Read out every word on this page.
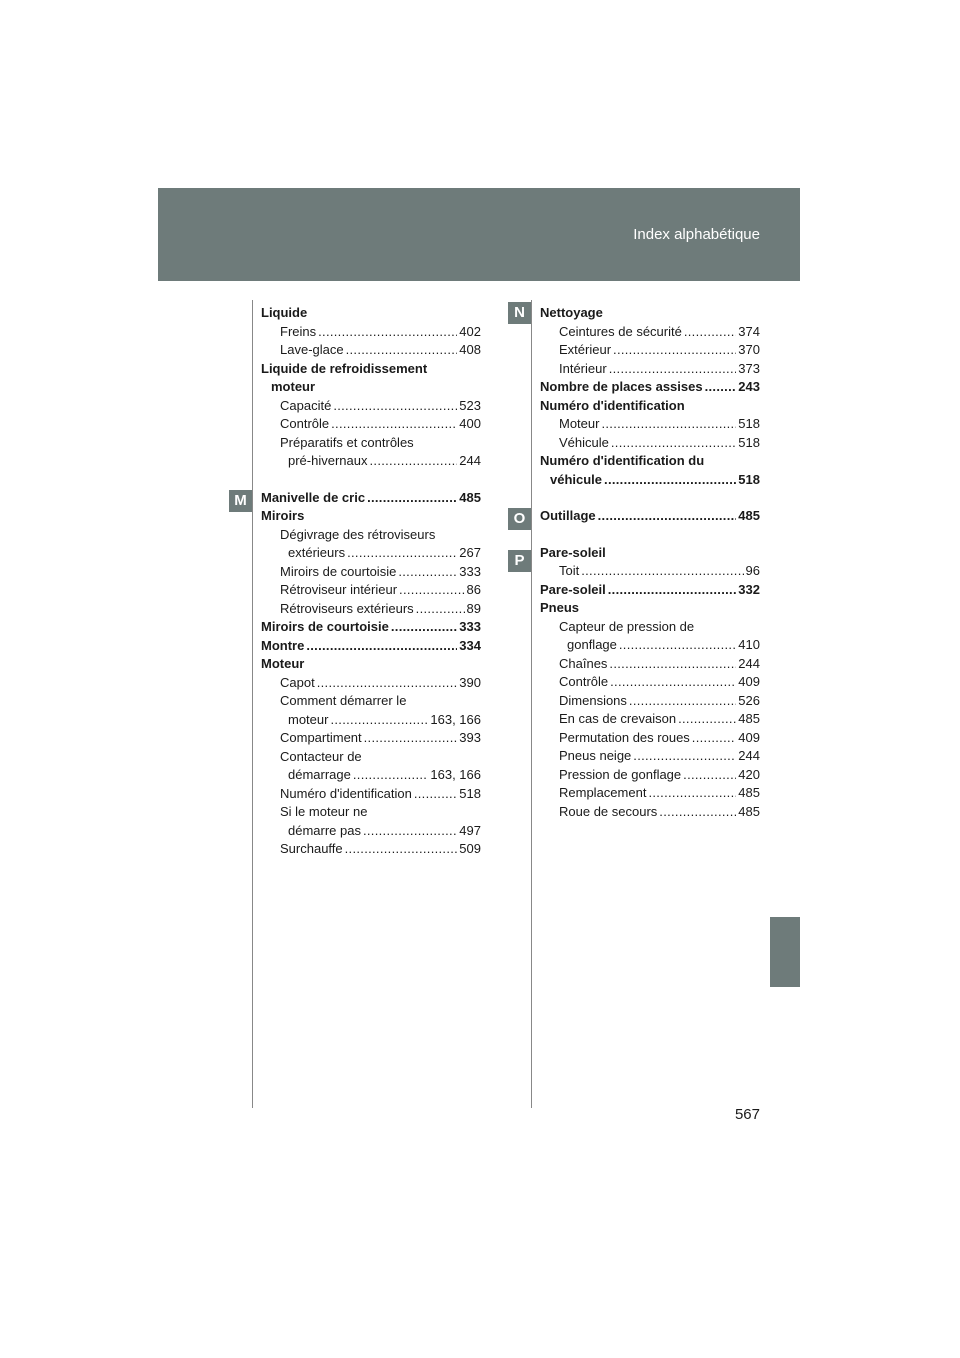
Index alphabétique
M
N
O
P
Liquide
Freins .....	402
Lave-glace .....	408
Liquide de refroidissement
moteur
Capacité .....	523
Contrôle .....	400
Préparatifs et contrôles
pré-hivernaux .....	244
Manivelle de cric .....	485
Miroirs
Dégivrage des rétroviseurs
extérieurs .....	267
Miroirs de courtoisie .....	333
Rétroviseur intérieur .....	86
Rétroviseurs extérieurs .....	89
Miroirs de courtoisie .....	333
Montre .....	334
Moteur
Capot .....	390
Comment démarrer le
moteur .....	163, 166
Compartiment .....	393
Contacteur de
démarrage .....	163, 166
Numéro d'identification .....	518
Si le moteur ne
démarre pas .....	497
Surchauffe .....	509
Nettoyage
Ceintures de sécurité .....	374
Extérieur .....	370
Intérieur .....	373
Nombre de places assises .....	243
Numéro d'identification
Moteur .....	518
Véhicule .....	518
Numéro d'identification du
véhicule .....	518
Outillage .....	485
Pare-soleil
Toit .....	96
Pare-soleil .....	332
Pneus
Capteur de pression de
gonflage .....	410
Chaînes .....	244
Contrôle .....	409
Dimensions .....	526
En cas de crevaison .....	485
Permutation des roues .....	409
Pneus neige .....	244
Pression de gonflage .....	420
Remplacement .....	485
Roue de secours .....	485
567
